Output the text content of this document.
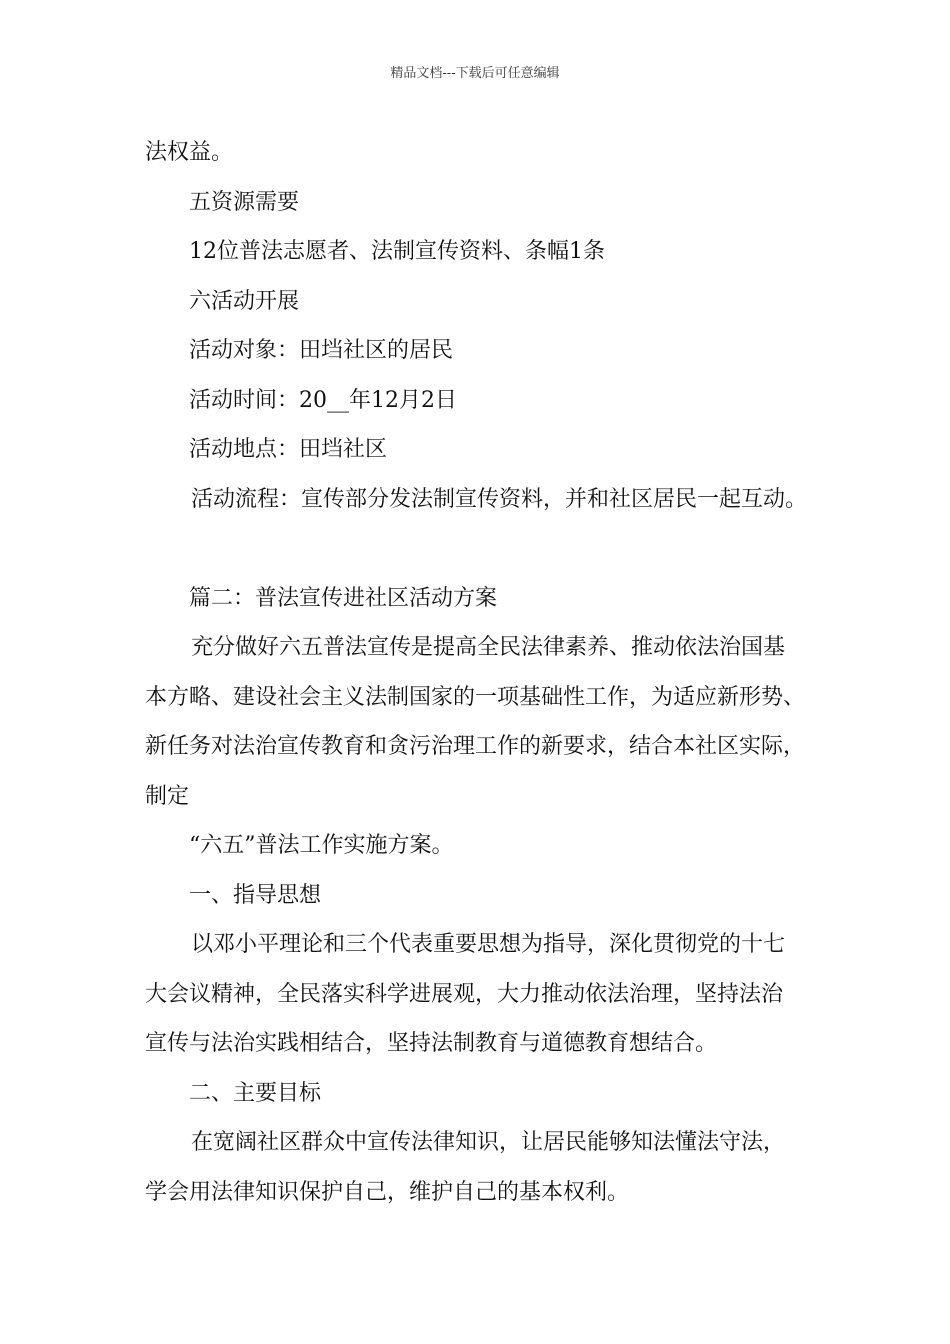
精品文档---下载后可任意编辑
法权益。
五资源需要
12位普法志愿者、法制宣传资料、条幅1条
六活动开展
活动对象：田垱社区的居民
活动时间：20__年12月2日
活动地点：田垱社区
活动流程：宣传部分发法制宣传资料，并和社区居民一起互动。
篇二：普法宣传进社区活动方案
充分做好六五普法宣传是提高全民法律素养、推动依法治国基
本方略、建设社会主义法制国家的一项基础性工作，为适应新形势、
新任务对法治宣传教育和贪污治理工作的新要求，结合本社区实际，
制定
“六五”普法工作实施方案。
一、指导思想
以邓小平理论和三个代表重要思想为指导，深化贯彻党的十七
大会议精神，全民落实科学进展观，大力推动依法治理，坚持法治
宣传与法治实践相结合，坚持法制教育与道德教育想结合。
二、主要目标
在宽阔社区群众中宣传法律知识，让居民能够知法懂法守法，
学会用法律知识保护自己，维护自己的基本权利。
